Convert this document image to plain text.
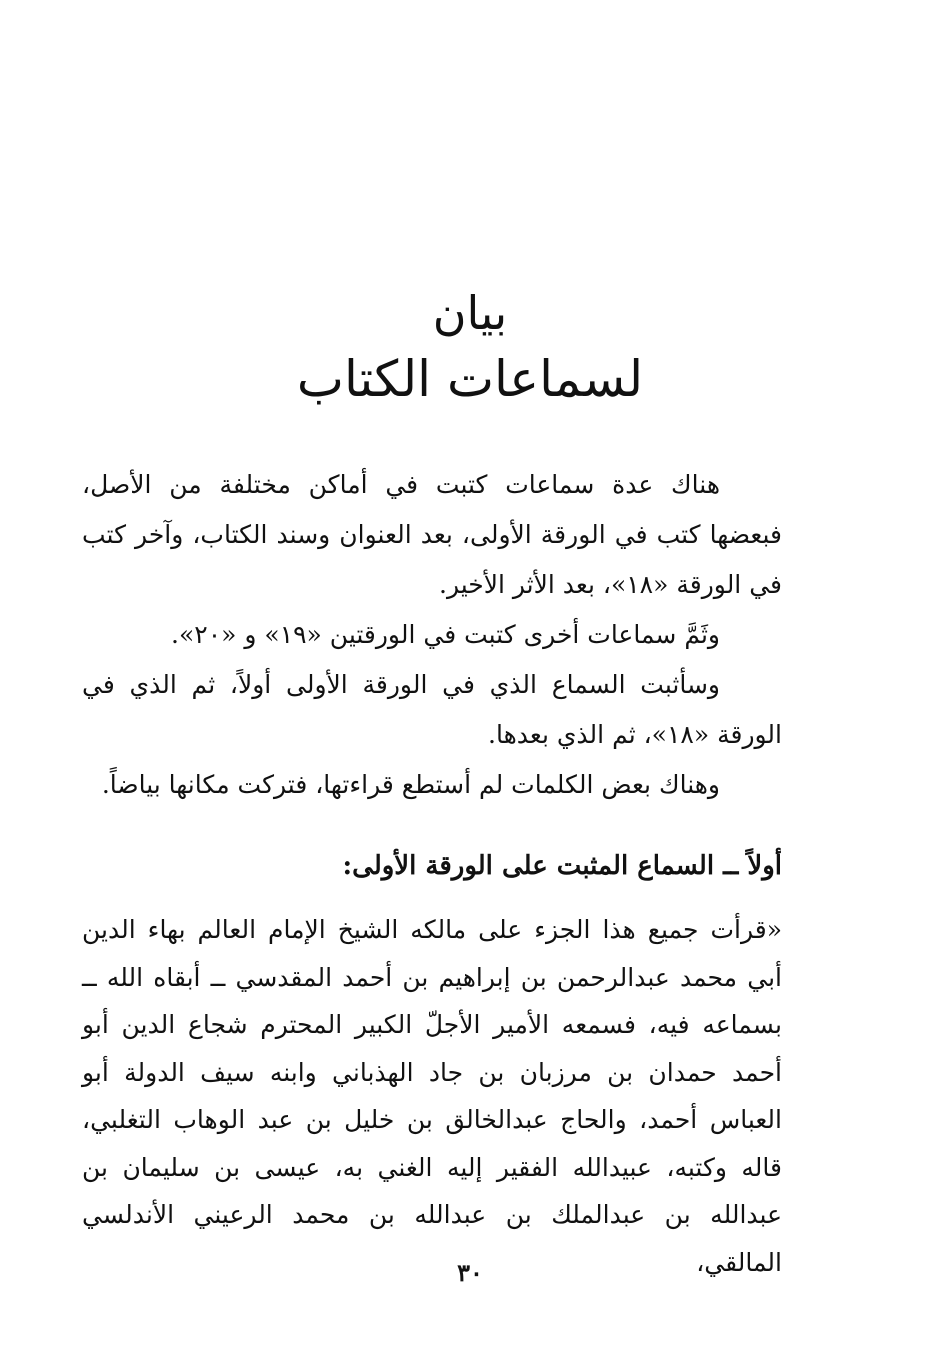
بيان
لسماعات الكتاب

هناك عدة سماعات كتبت في أماكن مختلفة من الأصل، فبعضها كتب في الورقة الأولى، بعد العنوان وسند الكتاب، وآخر كتب في الورقة «١٨»، بعد الأثر الأخير.

وثَمَّ سماعات أخرى كتبت في الورقتين «١٩» و «٢٠».

وسأثبت السماع الذي في الورقة الأولى أولاً، ثم الذي في الورقة «١٨»، ثم الذي بعدها.

وهناك بعض الكلمات لم أستطع قراءتها، فتركت مكانها بياضاً.

أولاً ــ السماع المثبت على الورقة الأولى:

«قرأت جميع هذا الجزء على مالكه الشيخ الإمام العالم بهاء الدين أبي محمد عبدالرحمن بن إبراهيم بن أحمد المقدسي ــ أبقاه الله ــ بسماعه فيه، فسمعه الأمير الأجلّ الكبير المحترم شجاع الدين أبو أحمد حمدان بن مرزبان بن جاد الهذباني وابنه سيف الدولة أبو العباس أحمد، والحاج عبدالخالق بن خليل بن عبد الوهاب التغلبي، قاله وكتبه، عبيدالله الفقير إليه الغني به، عيسى بن سليمان بن عبدالله بن عبدالملك بن عبدالله بن محمد الرعيني الأندلسي المالقي،

٣٠
